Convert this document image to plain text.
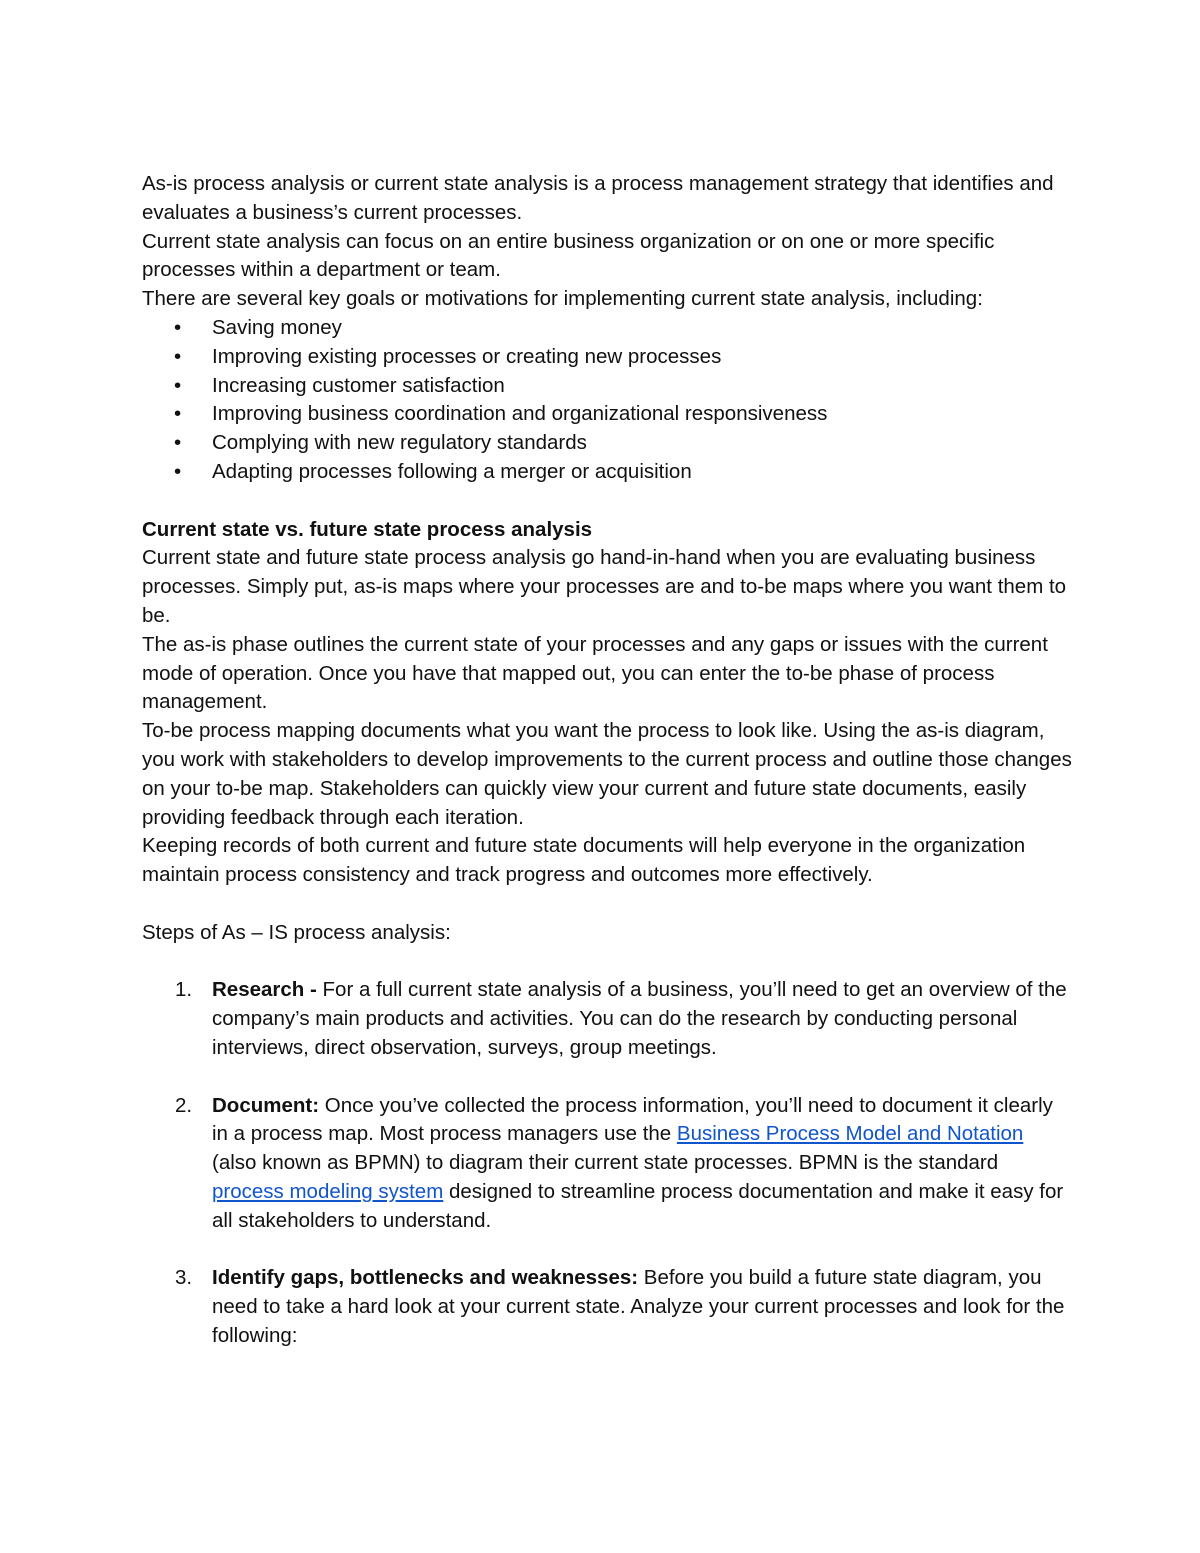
As-is process analysis or current state analysis is a process management strategy that identifies and evaluates a business’s current processes.

Current state analysis can focus on an entire business organization or on one or more specific processes within a department or team.

There are several key goals or motivations for implementing current state analysis, including:

• Saving money
• Improving existing processes or creating new processes
• Increasing customer satisfaction
• Improving business coordination and organizational responsiveness
• Complying with new regulatory standards
• Adapting processes following a merger or acquisition

Current state vs. future state process analysis

Current state and future state process analysis go hand-in-hand when you are evaluating business processes. Simply put, as-is maps where your processes are and to-be maps where you want them to be.

The as-is phase outlines the current state of your processes and any gaps or issues with the current mode of operation. Once you have that mapped out, you can enter the to-be phase of process management.

To-be process mapping documents what you want the process to look like. Using the as-is diagram, you work with stakeholders to develop improvements to the current process and outline those changes on your to-be map. Stakeholders can quickly view your current and future state documents, easily providing feedback through each iteration.

Keeping records of both current and future state documents will help everyone in the organization maintain process consistency and track progress and outcomes more effectively.

Steps of As – IS process analysis:

1. Research - For a full current state analysis of a business, you’ll need to get an overview of the company’s main products and activities. You can do the research by conducting personal interviews, direct observation, surveys, group meetings.
2. Document: Once you’ve collected the process information, you’ll need to document it clearly in a process map. Most process managers use the Business Process Model and Notation (also known as BPMN) to diagram their current state processes. BPMN is the standard process modeling system designed to streamline process documentation and make it easy for all stakeholders to understand.
3. Identify gaps, bottlenecks and weaknesses: Before you build a future state diagram, you need to take a hard look at your current state. Analyze your current processes and look for the following:
